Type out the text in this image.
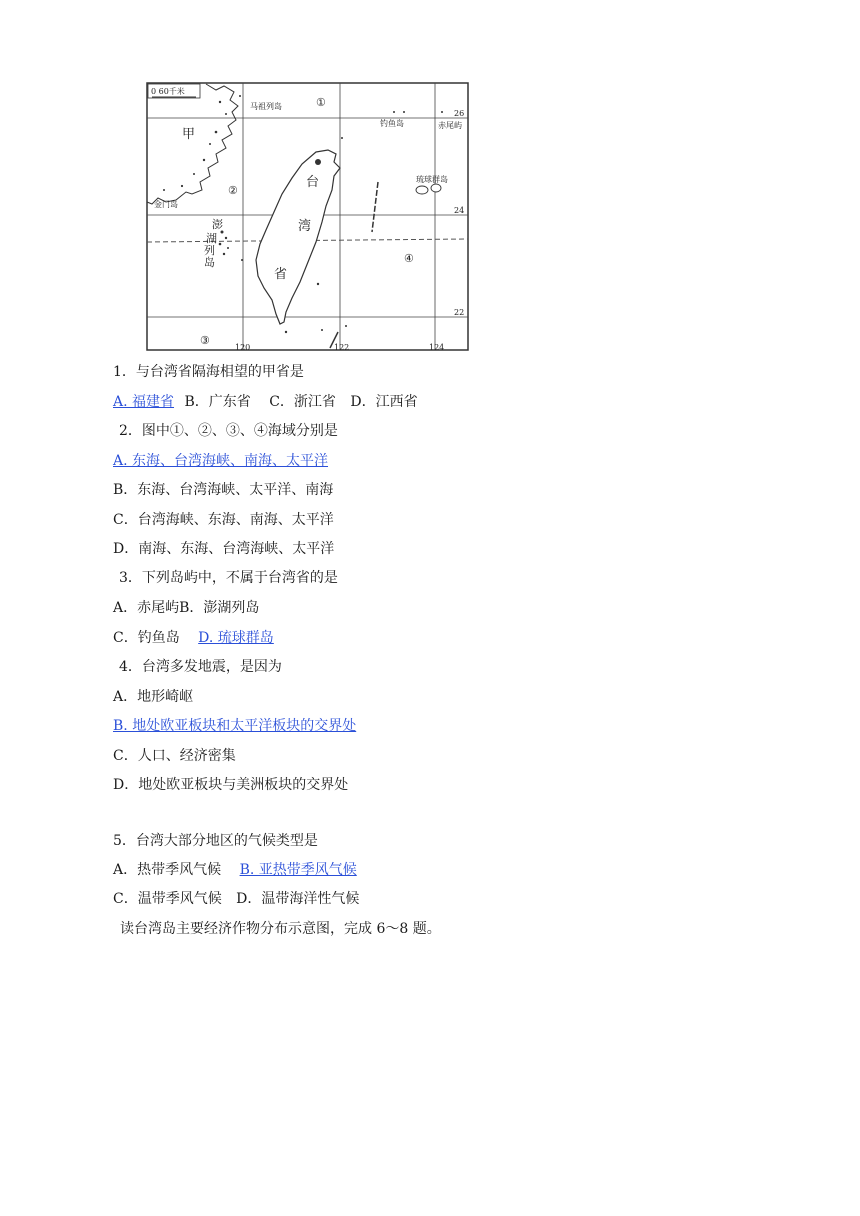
0 60千米
甲
马祖列岛
金门岛
钓鱼岛	赤尾屿
琉球群岛
澎
湖
列
岛
台
湾
省
①
②
③
④
26
24
22
120	122	124
1．与台湾省隔海相望的甲省是
A. 福建省 B．广东省 C．浙江省 D．江西省
2．图中①、②、③、④海域分别是
A. 东海、台湾海峡、南海、太平洋
B．东海、台湾海峡、太平洋、南海
C．台湾海峡、东海、南海、太平洋
D．南海、东海、台湾海峡、太平洋
3．下列岛屿中，不属于台湾省的是
A．赤尾屿B．澎湖列岛
C．钓鱼岛 D. 琉球群岛
4．台湾多发地震，是因为
A．地形崎岖
B. 地处欧亚板块和太平洋板块的交界处
C．人口、经济密集
D．地处欧亚板块与美洲板块的交界处
5．台湾大部分地区的气候类型是
A．热带季风气候 B. 亚热带季风气候
C．温带季风气候 D．温带海洋性气候
读台湾岛主要经济作物分布示意图，完成 6～8 题。
